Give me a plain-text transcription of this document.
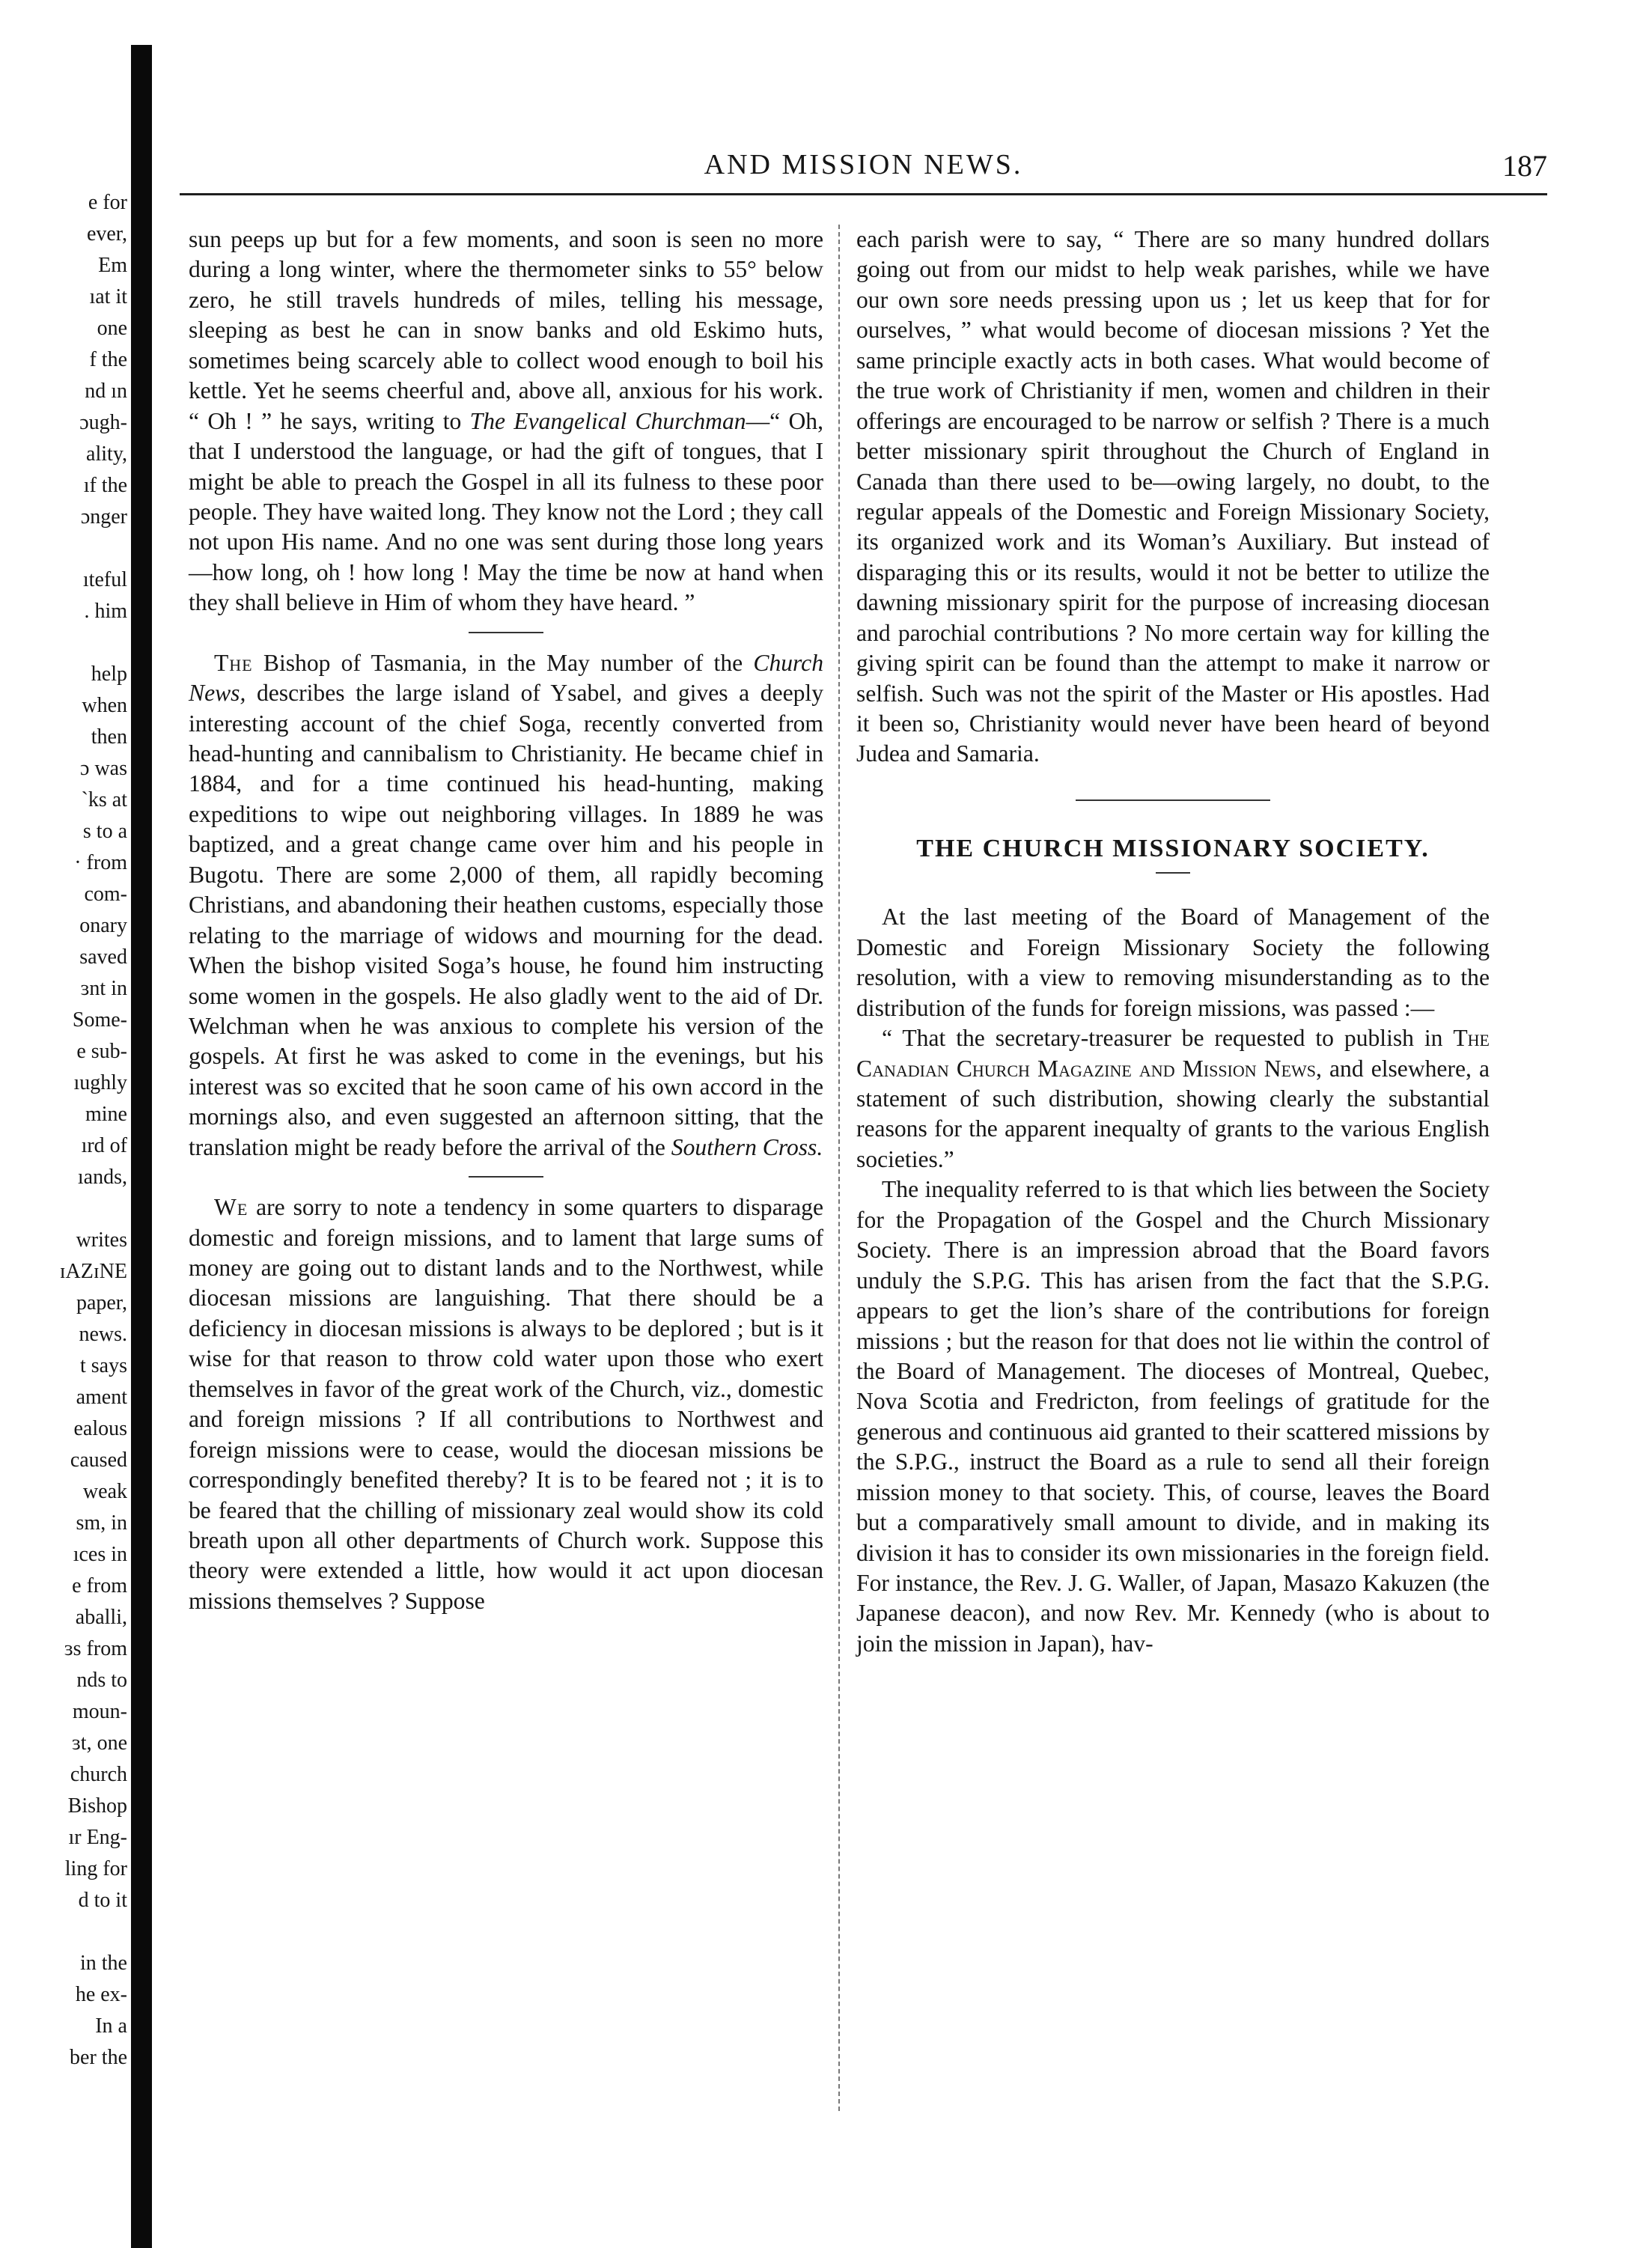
e for
ever,
Em
ıat it
one
f the
nd ın
ɔugh-
ality,
ıf the
ɔnger
ıteful
. him
help
when
then
ɔ was
ˋks at
s to a
· from
com-
onary
saved
ɜnt in
Some-
e sub-
ıughly
mine
ırd of
ıands,
writes
ɪAZɪNE
paper,
news.
t says
ament
ealous
caused
weak
sm, in
ıces in
e from
aballi,
ɜs from
nds to
moun-
ɜt, one
church
Bishop
ır Eng-
ling for
d to it
in the
he ex-
In a
ber the
AND MISSION NEWS.	187

sun peeps up but for a few moments, and soon is seen no more during a long winter, where the thermometer sinks to 55° below zero, he still travels hundreds of miles, telling his message, sleeping as best he can in snow banks and old Eskimo huts, sometimes being scarcely able to collect wood enough to boil his kettle. Yet he seems cheerful and, above all, anxious for his work. “ Oh ! ” he says, writing to The Evangelical Churchman—“ Oh, that I understood the language, or had the gift of tongues, that I might be able to preach the Gospel in all its fulness to these poor people. They have waited long. They know not the Lord ; they call not upon His name. And no one was sent during those long years—how long, oh ! how long ! May the time be now at hand when they shall believe in Him of whom they have heard. ”

The Bishop of Tasmania, in the May number of the Church News, describes the large island of Ysabel, and gives a deeply interesting account of the chief Soga, recently converted from head-hunting and cannibalism to Christianity. He became chief in 1884, and for a time continued his head-hunting, making expeditions to wipe out neighboring villages. In 1889 he was baptized, and a great change came over him and his people in Bugotu. There are some 2,000 of them, all rapidly becoming Christians, and abandoning their heathen customs, especially those relating to the marriage of widows and mourning for the dead. When the bishop visited Soga’s house, he found him instructing some women in the gospels. He also gladly went to the aid of Dr. Welchman when he was anxious to complete his version of the gospels. At first he was asked to come in the evenings, but his interest was so excited that he soon came of his own accord in the mornings also, and even suggested an afternoon sitting, that the translation might be ready before the arrival of the Southern Cross.

We are sorry to note a tendency in some quarters to disparage domestic and foreign missions, and to lament that large sums of money are going out to distant lands and to the Northwest, while diocesan missions are languishing. That there should be a deficiency in diocesan missions is always to be deplored ; but is it wise for that reason to throw cold water upon those who exert themselves in favor of the great work of the Church, viz., domestic and foreign missions ? If all contributions to Northwest and foreign missions were to cease, would the diocesan missions be correspondingly benefited thereby? It is to be feared not ; it is to be feared that the chilling of missionary zeal would show its cold breath upon all other departments of Church work. Suppose this theory were extended a little, how would it act upon diocesan missions themselves ? Suppose

each parish were to say, “ There are so many hundred dollars going out from our midst to help weak parishes, while we have our own sore needs pressing upon us ; let us keep that for for ourselves, ” what would become of diocesan missions ? Yet the same principle exactly acts in both cases. What would become of the true work of Christianity if men, women and children in their offerings are encouraged to be narrow or selfish ? There is a much better missionary spirit throughout the Church of England in Canada than there used to be—owing largely, no doubt, to the regular appeals of the Domestic and Foreign Missionary Society, its organized work and its Woman’s Auxiliary. But instead of disparaging this or its results, would it not be better to utilize the dawning missionary spirit for the purpose of increasing diocesan and parochial contributions ? No more certain way for killing the giving spirit can be found than the attempt to make it narrow or selfish. Such was not the spirit of the Master or His apostles. Had it been so, Christianity would never have been heard of beyond Judea and Samaria.

THE CHURCH MISSIONARY SOCIETY.

At the last meeting of the Board of Management of the Domestic and Foreign Missionary Society the following resolution, with a view to removing misunderstanding as to the distribution of the funds for foreign missions, was passed :—

“ That the secretary-treasurer be requested to publish in The Canadian Church Magazine and Mission News, and elsewhere, a statement of such distribution, showing clearly the substantial reasons for the apparent inequalty of grants to the various English societies.”

The inequality referred to is that which lies between the Society for the Propagation of the Gospel and the Church Missionary Society. There is an impression abroad that the Board favors unduly the S.P.G. This has arisen from the fact that the S.P.G. appears to get the lion’s share of the contributions for foreign missions ; but the reason for that does not lie within the control of the Board of Management. The dioceses of Montreal, Quebec, Nova Scotia and Fredricton, from feelings of gratitude for the generous and continuous aid granted to their scattered missions by the S.P.G., instruct the Board as a rule to send all their foreign mission money to that society. This, of course, leaves the Board but a comparatively small amount to divide, and in making its division it has to consider its own missionaries in the foreign field. For instance, the Rev. J. G. Waller, of Japan, Masazo Kakuzen (the Japanese deacon), and now Rev. Mr. Kennedy (who is about to join the mission in Japan), hav-
